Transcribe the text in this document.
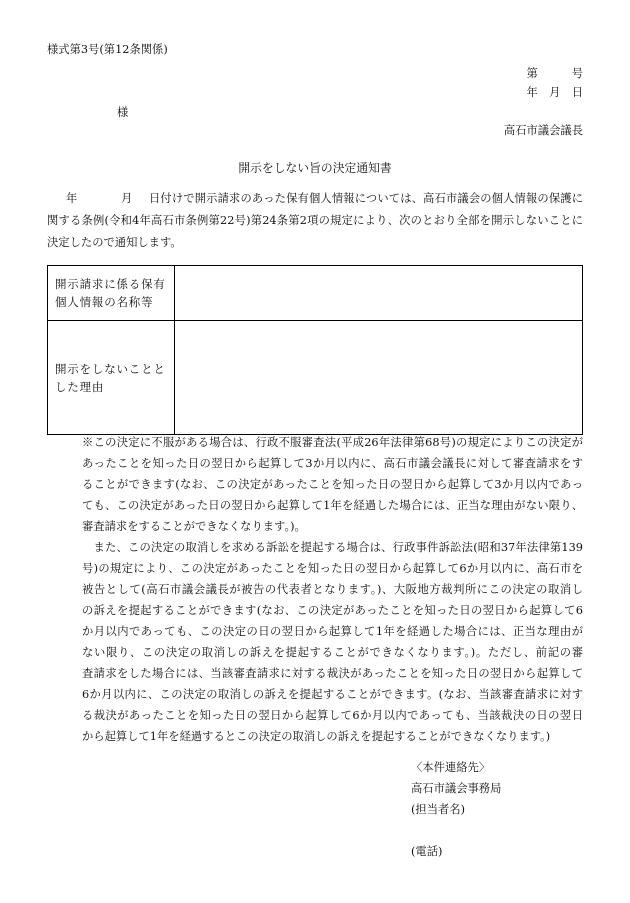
様式第3号(第12条関係)
第　　　号
年　月　日
様
高石市議会議長
開示をしない旨の決定通知書
年	月 日付けで開示請求のあった保有個人情報については、高石市議会の個人情報の保護に
関する条例(令和4年高石市条例第22号)第24条第2項の規定により、次のとおり全部を開示しないことに
決定したので通知します。
開示請求に係る保有
個人情報の名称等
開示をしないことと
した理由
※この決定に不服がある場合は、行政不服審査法(平成26年法律第68号)の規定によりこの決定が
あったことを知った日の翌日から起算して3か月以内に、高石市議会議長に対して審査請求をす
ることができます(なお、この決定があったことを知った日の翌日から起算して3か月以内であっ
ても、この決定があった日の翌日から起算して1年を経過した場合には、正当な理由がない限り、
審査請求をすることができなくなります。)。
　また、この決定の取消しを求める訴訟を提起する場合は、行政事件訴訟法(昭和37年法律第139
号)の規定により、この決定があったことを知った日の翌日から起算して6か月以内に、高石市を
被告として(高石市議会議長が被告の代表者となります。)、大阪地方裁判所にこの決定の取消し
の訴えを提起することができます(なお、この決定があったことを知った日の翌日から起算して6
か月以内であっても、この決定の日の翌日から起算して1年を経過した場合には、正当な理由が
ない限り、この決定の取消しの訴えを提起することができなくなります。)。ただし、前記の審
査請求をした場合には、当該審査請求に対する裁決があったことを知った日の翌日から起算して
6か月以内に、この決定の取消しの訴えを提起することができます。(なお、当該審査請求に対す
る裁決があったことを知った日の翌日から起算して6か月以内であっても、当該裁決の日の翌日
から起算して1年を経過するとこの決定の取消しの訴えを提起することができなくなります。)
〈本件連絡先〉
高石市議会事務局
(担当者名)
(電話)
